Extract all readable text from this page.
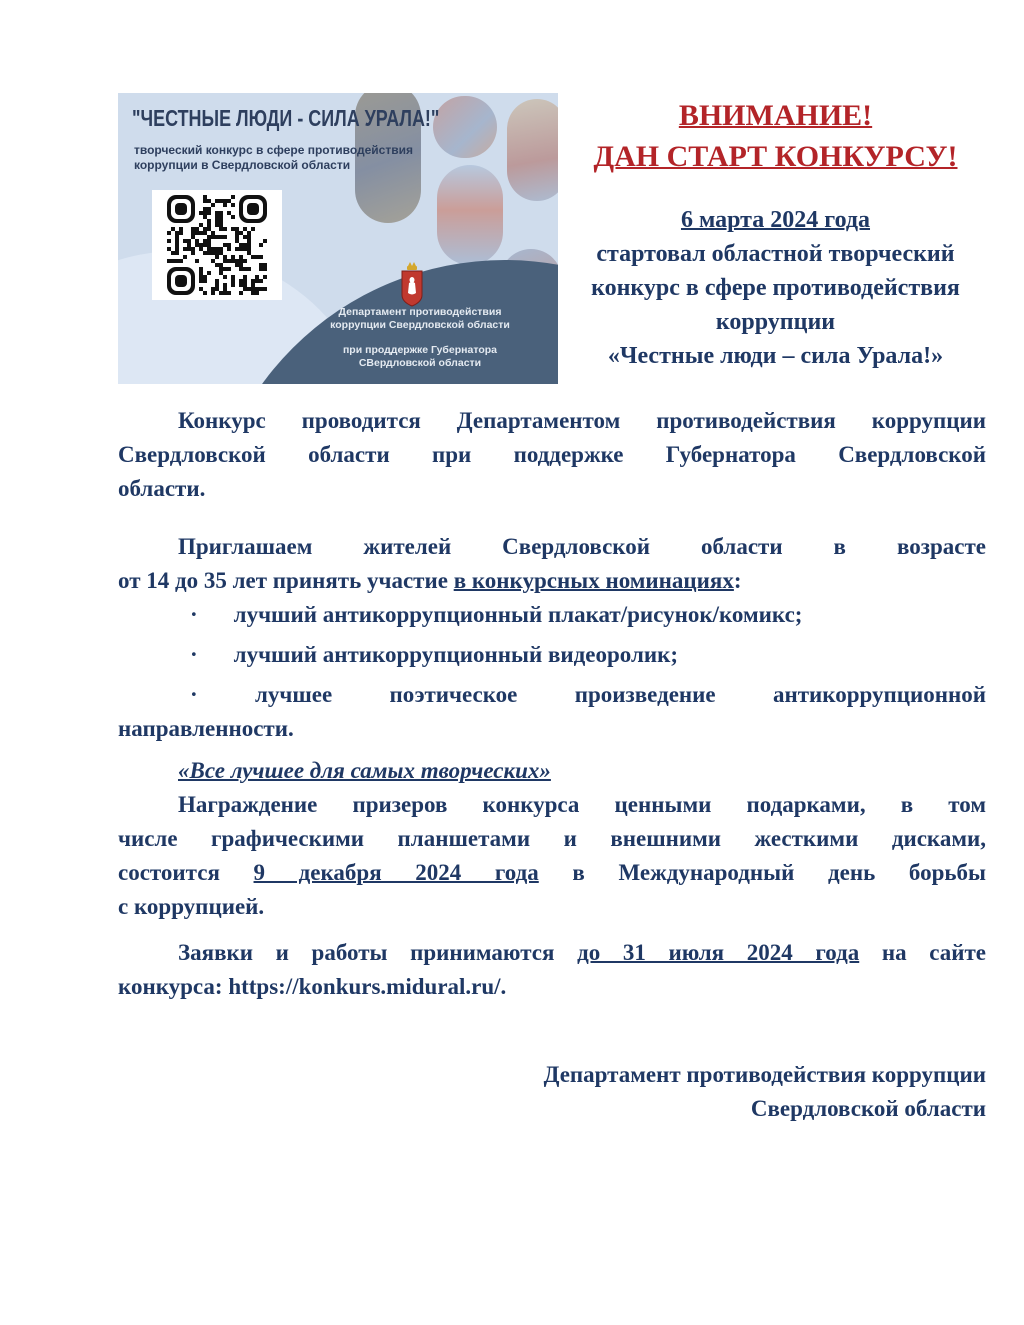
"ЧЕСТНЫЕ ЛЮДИ - СИЛА УРАЛА!"
творческий конкурс в сфере противодействия
коррупции в Свердловской области
Департамент противодействия
коррупции Свердловской области
при проддержке Губернатора
СВердловской области
ВНИМАНИЕ!
ДАН СТАРТ КОНКУРСУ!
6 марта 2024 года
стартовал областной творческий
конкурс в сфере противодействия
коррупции
«Честные люди – сила Урала!»
Конкурс проводится Департаментом противодействия коррупции
Свердловской области при поддержке Губернатора Свердловской
области.
Приглашаем жителей Свердловской области в возрасте
от 14 до 35 лет принять участие в конкурсных номинациях:
· лучший антикоррупционный плакат/рисунок/комикс;
· лучший антикоррупционный видеоролик;
· лучшее поэтическое произведение антикоррупционной
направленности.
«Все лучшее для самых творческих»
Награждение призеров конкурса ценными подарками, в том
числе графическими планшетами и внешними жесткими дисками,
состоится 9 декабря 2024 года в Международный день борьбы
с коррупцией.
Заявки и работы принимаются до 31 июля 2024 года на сайте
конкурса: https://konkurs.midural.ru/.
Департамент противодействия коррупции
Свердловской области
